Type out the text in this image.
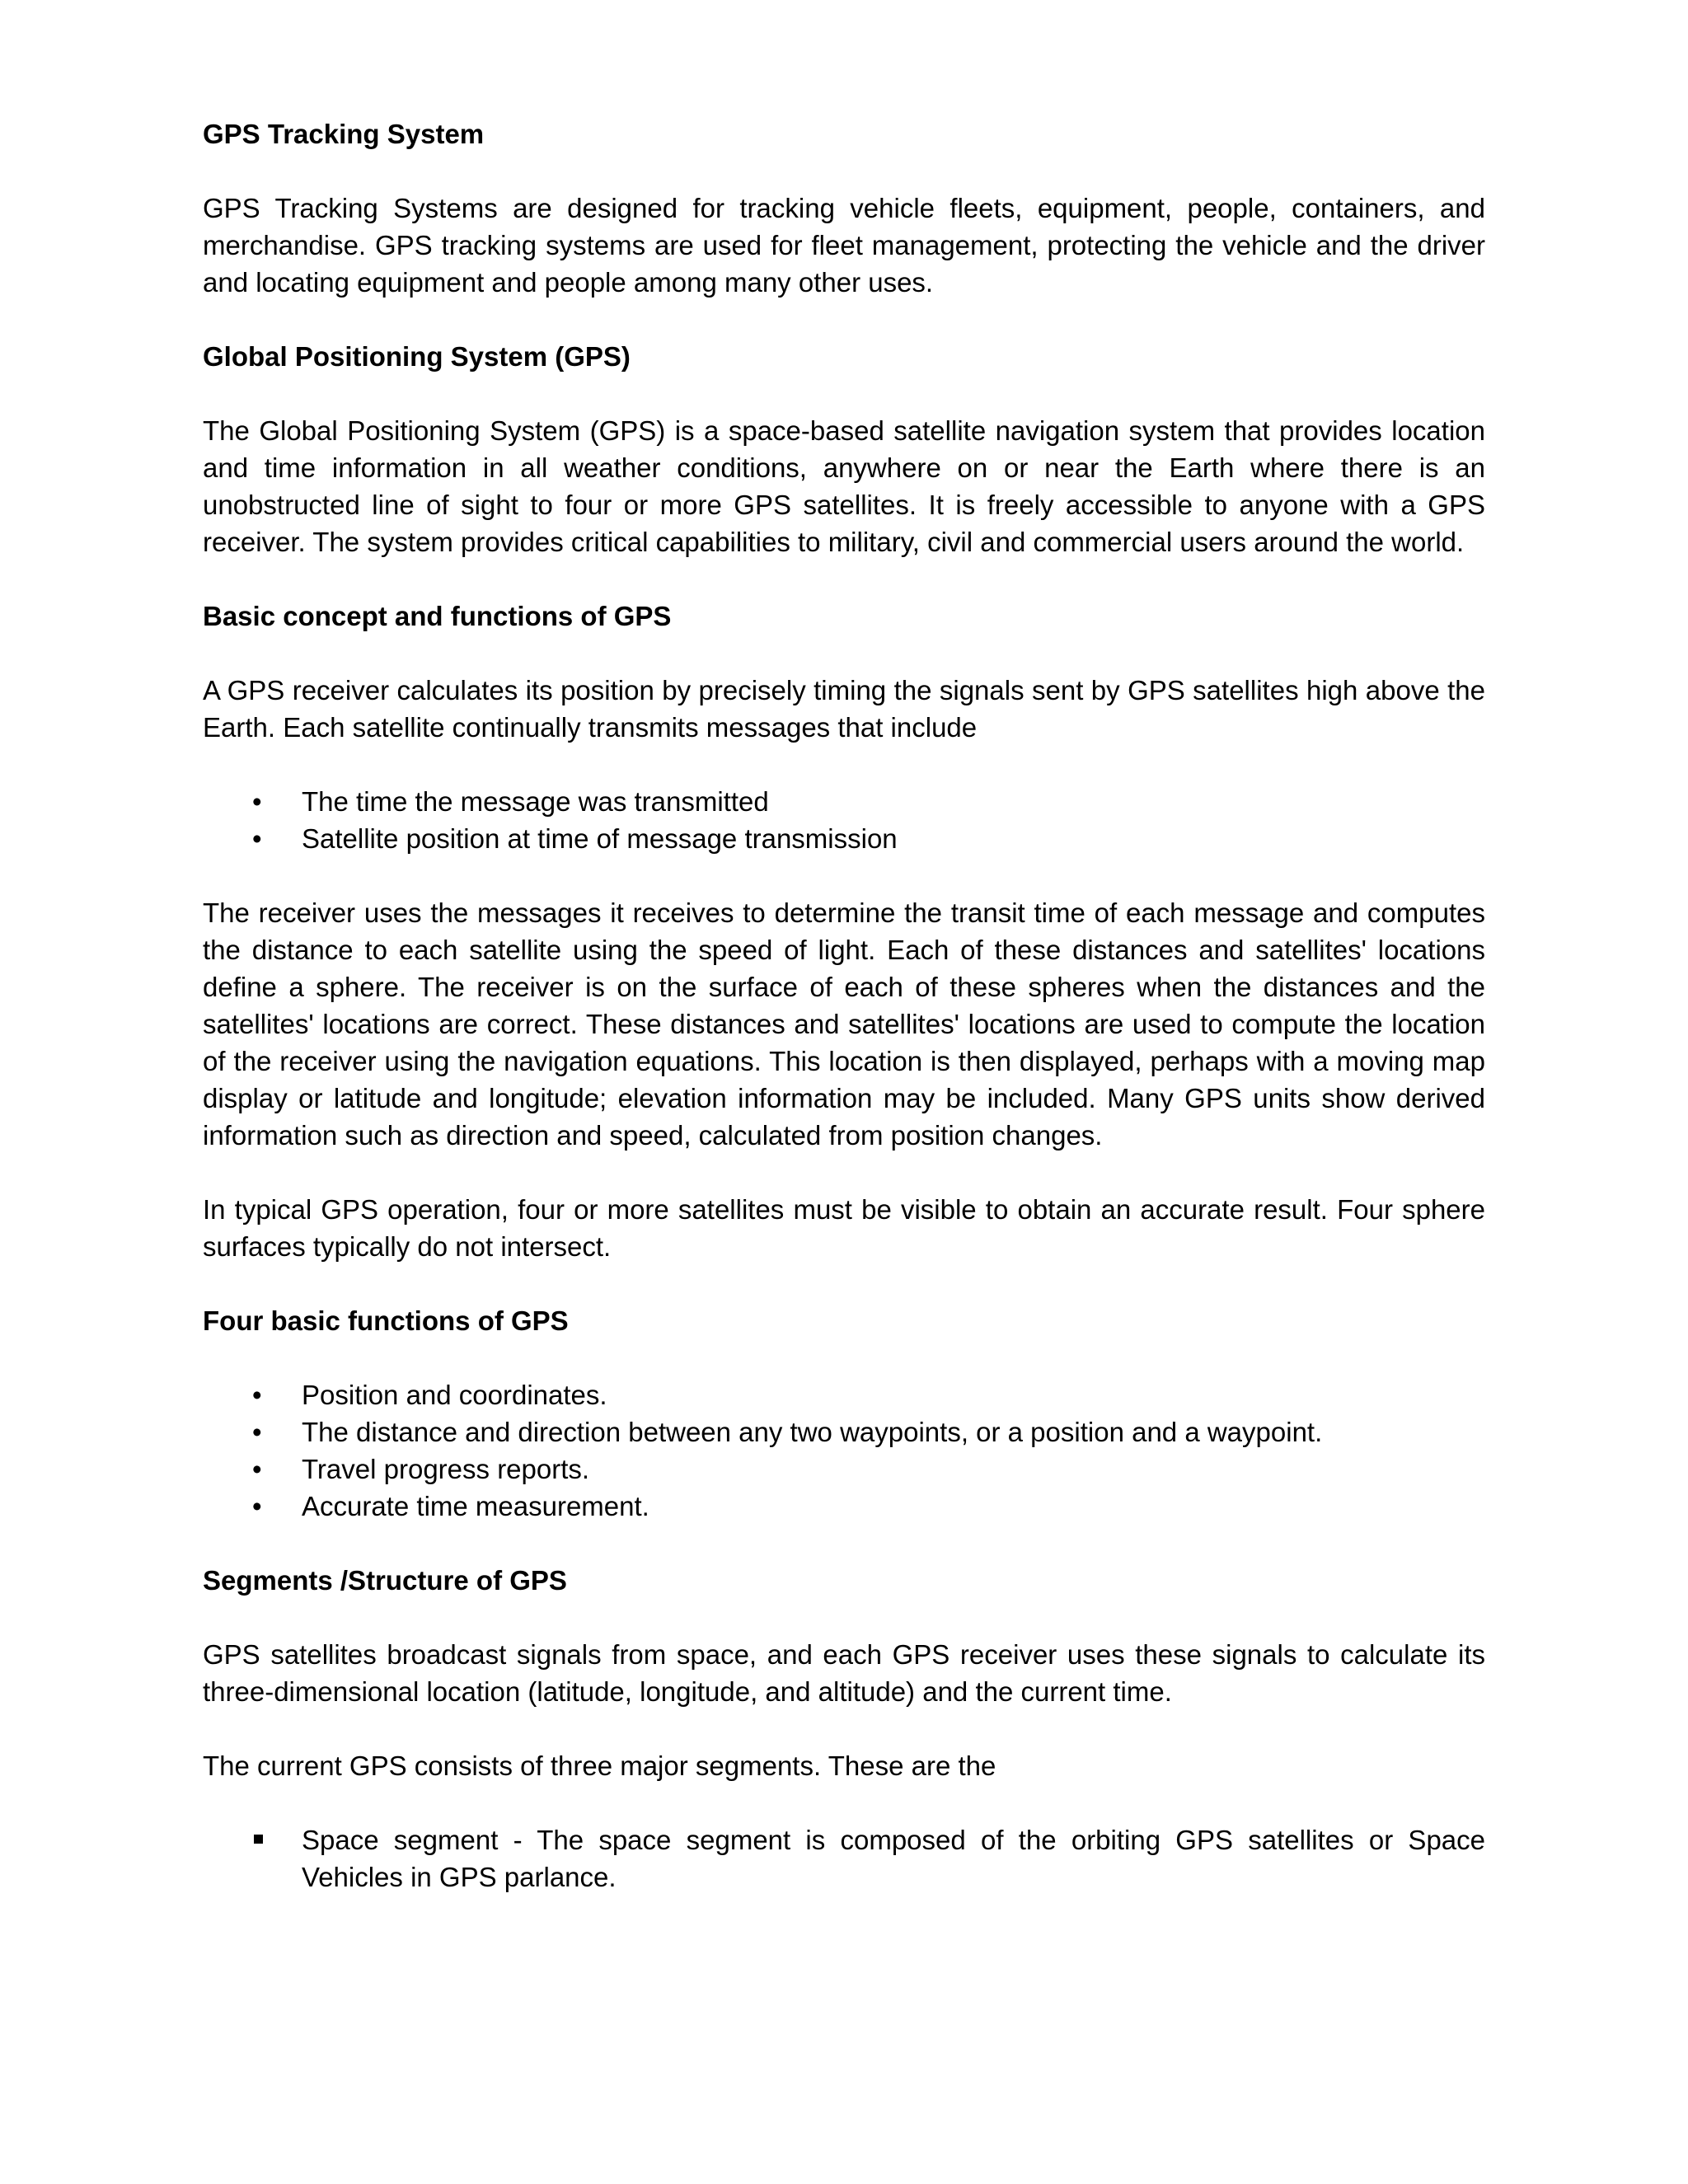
GPS Tracking System

GPS Tracking Systems are designed for tracking vehicle fleets, equipment, people, containers, and merchandise. GPS tracking systems are used for fleet management, protecting the vehicle and the driver and locating equipment and people among many other uses.

Global Positioning System (GPS)

The Global Positioning System (GPS) is a space-based satellite navigation system that provides location and time information in all weather conditions, anywhere on or near the Earth where there is an unobstructed line of sight to four or more GPS satellites. It is freely accessible to anyone with a GPS receiver. The system provides critical capabilities to military, civil and commercial users around the world.

Basic concept and functions of GPS

A GPS receiver calculates its position by precisely timing the signals sent by GPS satellites high above the Earth. Each satellite continually transmits messages that include

•
The time the message was transmitted
•
Satellite position at time of message transmission

The receiver uses the messages it receives to determine the transit time of each message and computes the distance to each satellite using the speed of light. Each of these distances and satellites' locations define a sphere. The receiver is on the surface of each of these spheres when the distances and the satellites' locations are correct. These distances and satellites' locations are used to compute the location of the receiver using the navigation equations. This location is then displayed, perhaps with a moving map display or latitude and longitude; elevation information may be included. Many GPS units show derived information such as direction and speed, calculated from position changes.

In typical GPS operation, four or more satellites must be visible to obtain an accurate result. Four sphere surfaces typically do not intersect.

Four basic functions of GPS
•
Position and coordinates.
•
The distance and direction between any two waypoints, or a position and a waypoint.
•
Travel progress reports.
•
Accurate time measurement.
Segments /Structure of GPS

GPS satellites broadcast signals from space, and each GPS receiver uses these signals to calculate its three-dimensional location (latitude, longitude, and altitude) and the current time.

The current GPS consists of three major segments. These are the

Space segment - The space segment is composed of the orbiting GPS satellites or Space Vehicles in GPS parlance.
